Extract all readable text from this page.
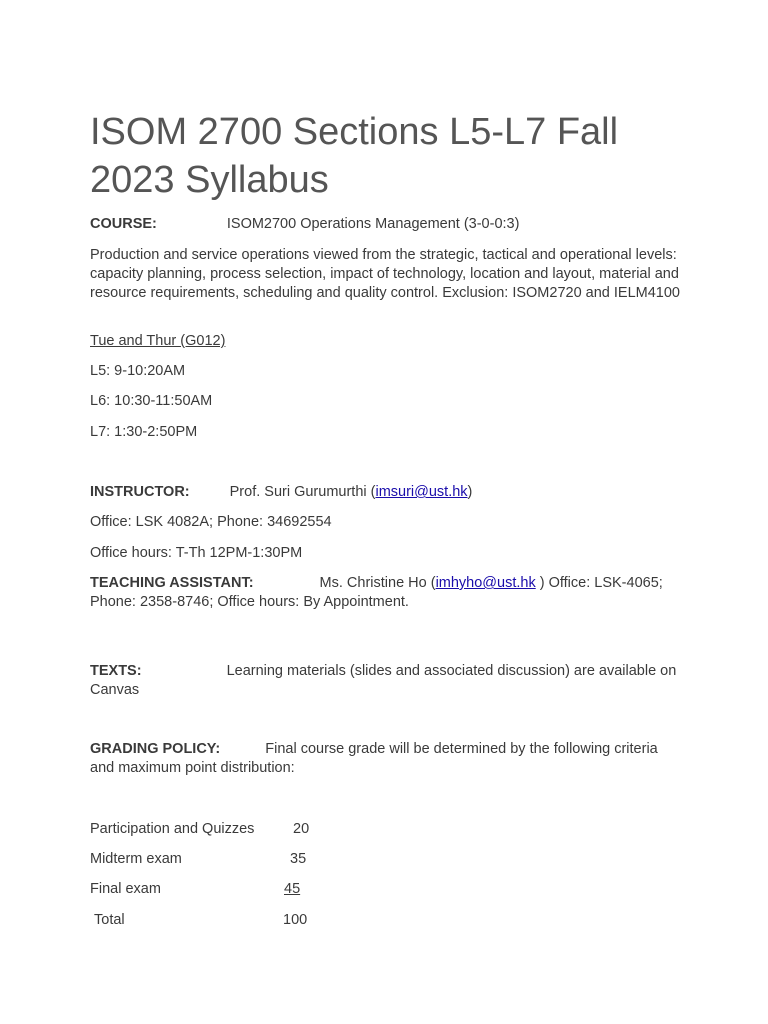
ISOM 2700 Sections L5-L7 Fall 2023 Syllabus
COURSE:	ISOM2700 Operations Management (3-0-0:3)
Production and service operations viewed from the strategic, tactical and operational levels: capacity planning, process selection, impact of technology, location and layout, material and resource requirements, scheduling and quality control. Exclusion: ISOM2720 and IELM4100
Tue and Thur (G012)
L5: 9-10:20AM
L6: 10:30-11:50AM
L7: 1:30-2:50PM
INSTRUCTOR:	Prof. Suri Gurumurthi (imsuri@ust.hk)
Office: LSK 4082A; Phone: 34692554
Office hours: T-Th 12PM-1:30PM
TEACHING ASSISTANT:	Ms. Christine Ho (imhyho@ust.hk ) Office: LSK-4065;
Phone: 2358-8746; Office hours: By Appointment.
TEXTS:	Learning materials (slides and associated discussion) are available on
Canvas
GRADING POLICY:	Final course grade will be determined by the following criteria
and maximum point distribution:
Participation and Quizzes	20
Midterm exam	35
Final exam	45
Total	100
